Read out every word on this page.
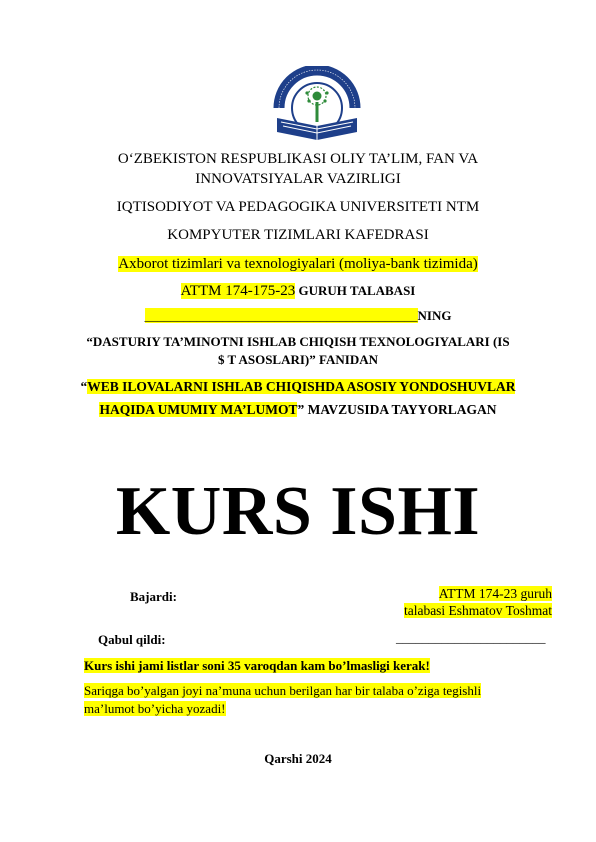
O‘ZBEKISTON RESPUBLIKASI OLIY TA’LIM, FAN VA
INNOVATSIYALAR VAZIRLIGI
IQTISODIYOT VA PEDAGOGIKA UNIVERSITETI NTM
KOMPYUTER TIZIMLARI KAFEDRASI
Axborot tizimlari va texnologiyalari (moliya-bank tizimida)
ATTM 174-175-23 GURUH TALABASI
__________________________________________NING
“DASTURIY TA’MINOTNI ISHLAB CHIQISH TEXNOLOGIYALARI (IS
$ T ASOSLARI)” FANIDAN
“WEB ILOVALARNI ISHLAB CHIQISHDA ASOSIY YONDOSHUVLAR
HAQIDA UMUMIY MA’LUMOT” MAVZUSIDA TAYYORLAGAN
KURS ISHI
Bajardi:	ATTM 174-23 guruh
talabasi Eshmatov Toshmat
Qabul qildi:	_______________________
Kurs ishi jami listlar soni 35 varoqdan kam bo’lmasligi kerak!
Sariqga bo’yalgan joyi na’muna uchun berilgan har bir talaba o’ziga tegishli
ma’lumot bo’yicha yozadi!
Qarshi 2024
